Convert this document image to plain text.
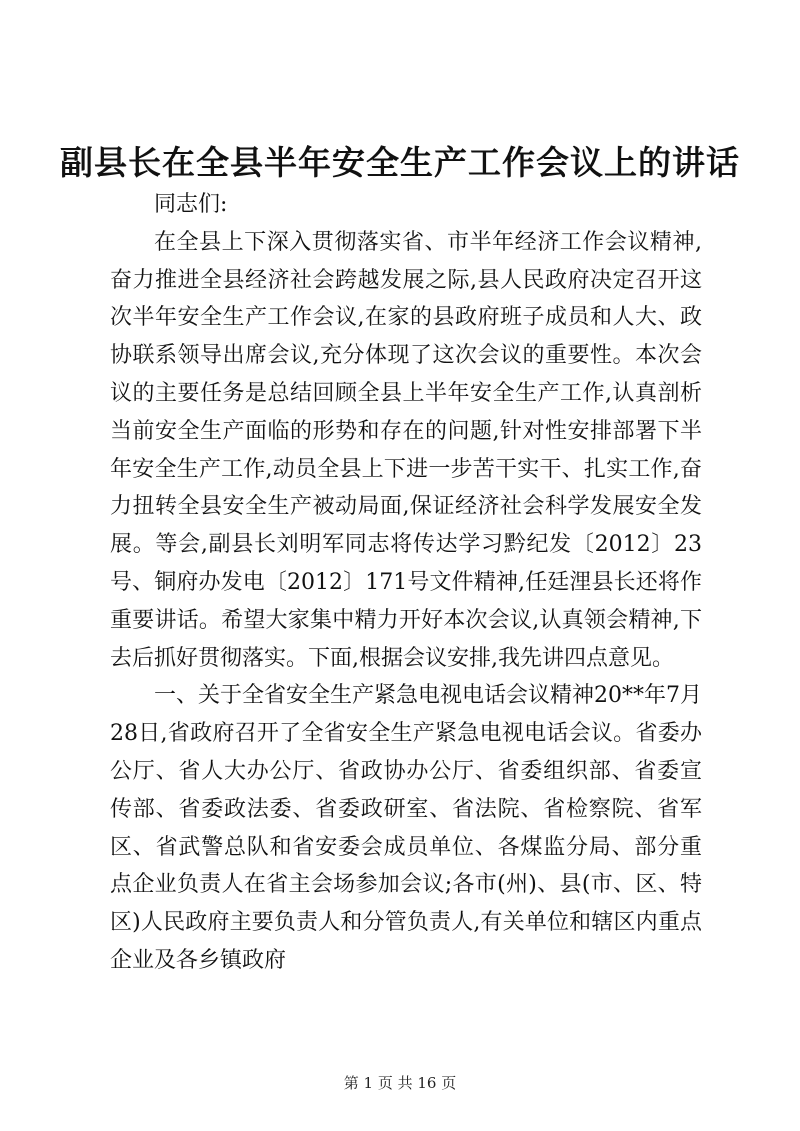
副县长在全县半年安全生产工作会议上的讲话

同志们:

在全县上下深入贯彻落实省、市半年经济工作会议精神,奋力推进全县经济社会跨越发展之际,县人民政府决定召开这次半年安全生产工作会议,在家的县政府班子成员和人大、政协联系领导出席会议,充分体现了这次会议的重要性。本次会议的主要任务是总结回顾全县上半年安全生产工作,认真剖析当前安全生产面临的形势和存在的问题,针对性安排部署下半年安全生产工作,动员全县上下进一步苦干实干、扎实工作,奋力扭转全县安全生产被动局面,保证经济社会科学发展安全发展。等会,副县长刘明军同志将传达学习黔纪发〔2012〕23号、铜府办发电〔2012〕171号文件精神,任廷浬县长还将作重要讲话。希望大家集中精力开好本次会议,认真领会精神,下去后抓好贯彻落实。下面,根据会议安排,我先讲四点意见。

一、关于全省安全生产紧急电视电话会议精神20**年7月28日,省政府召开了全省安全生产紧急电视电话会议。省委办公厅、省人大办公厅、省政协办公厅、省委组织部、省委宣传部、省委政法委、省委政研室、省法院、省检察院、省军区、省武警总队和省安委会成员单位、各煤监分局、部分重点企业负责人在省主会场参加会议;各市(州)、县(市、区、特区)人民政府主要负责人和分管负责人,有关单位和辖区内重点企业及各乡镇政府

第 1 页 共 16 页
